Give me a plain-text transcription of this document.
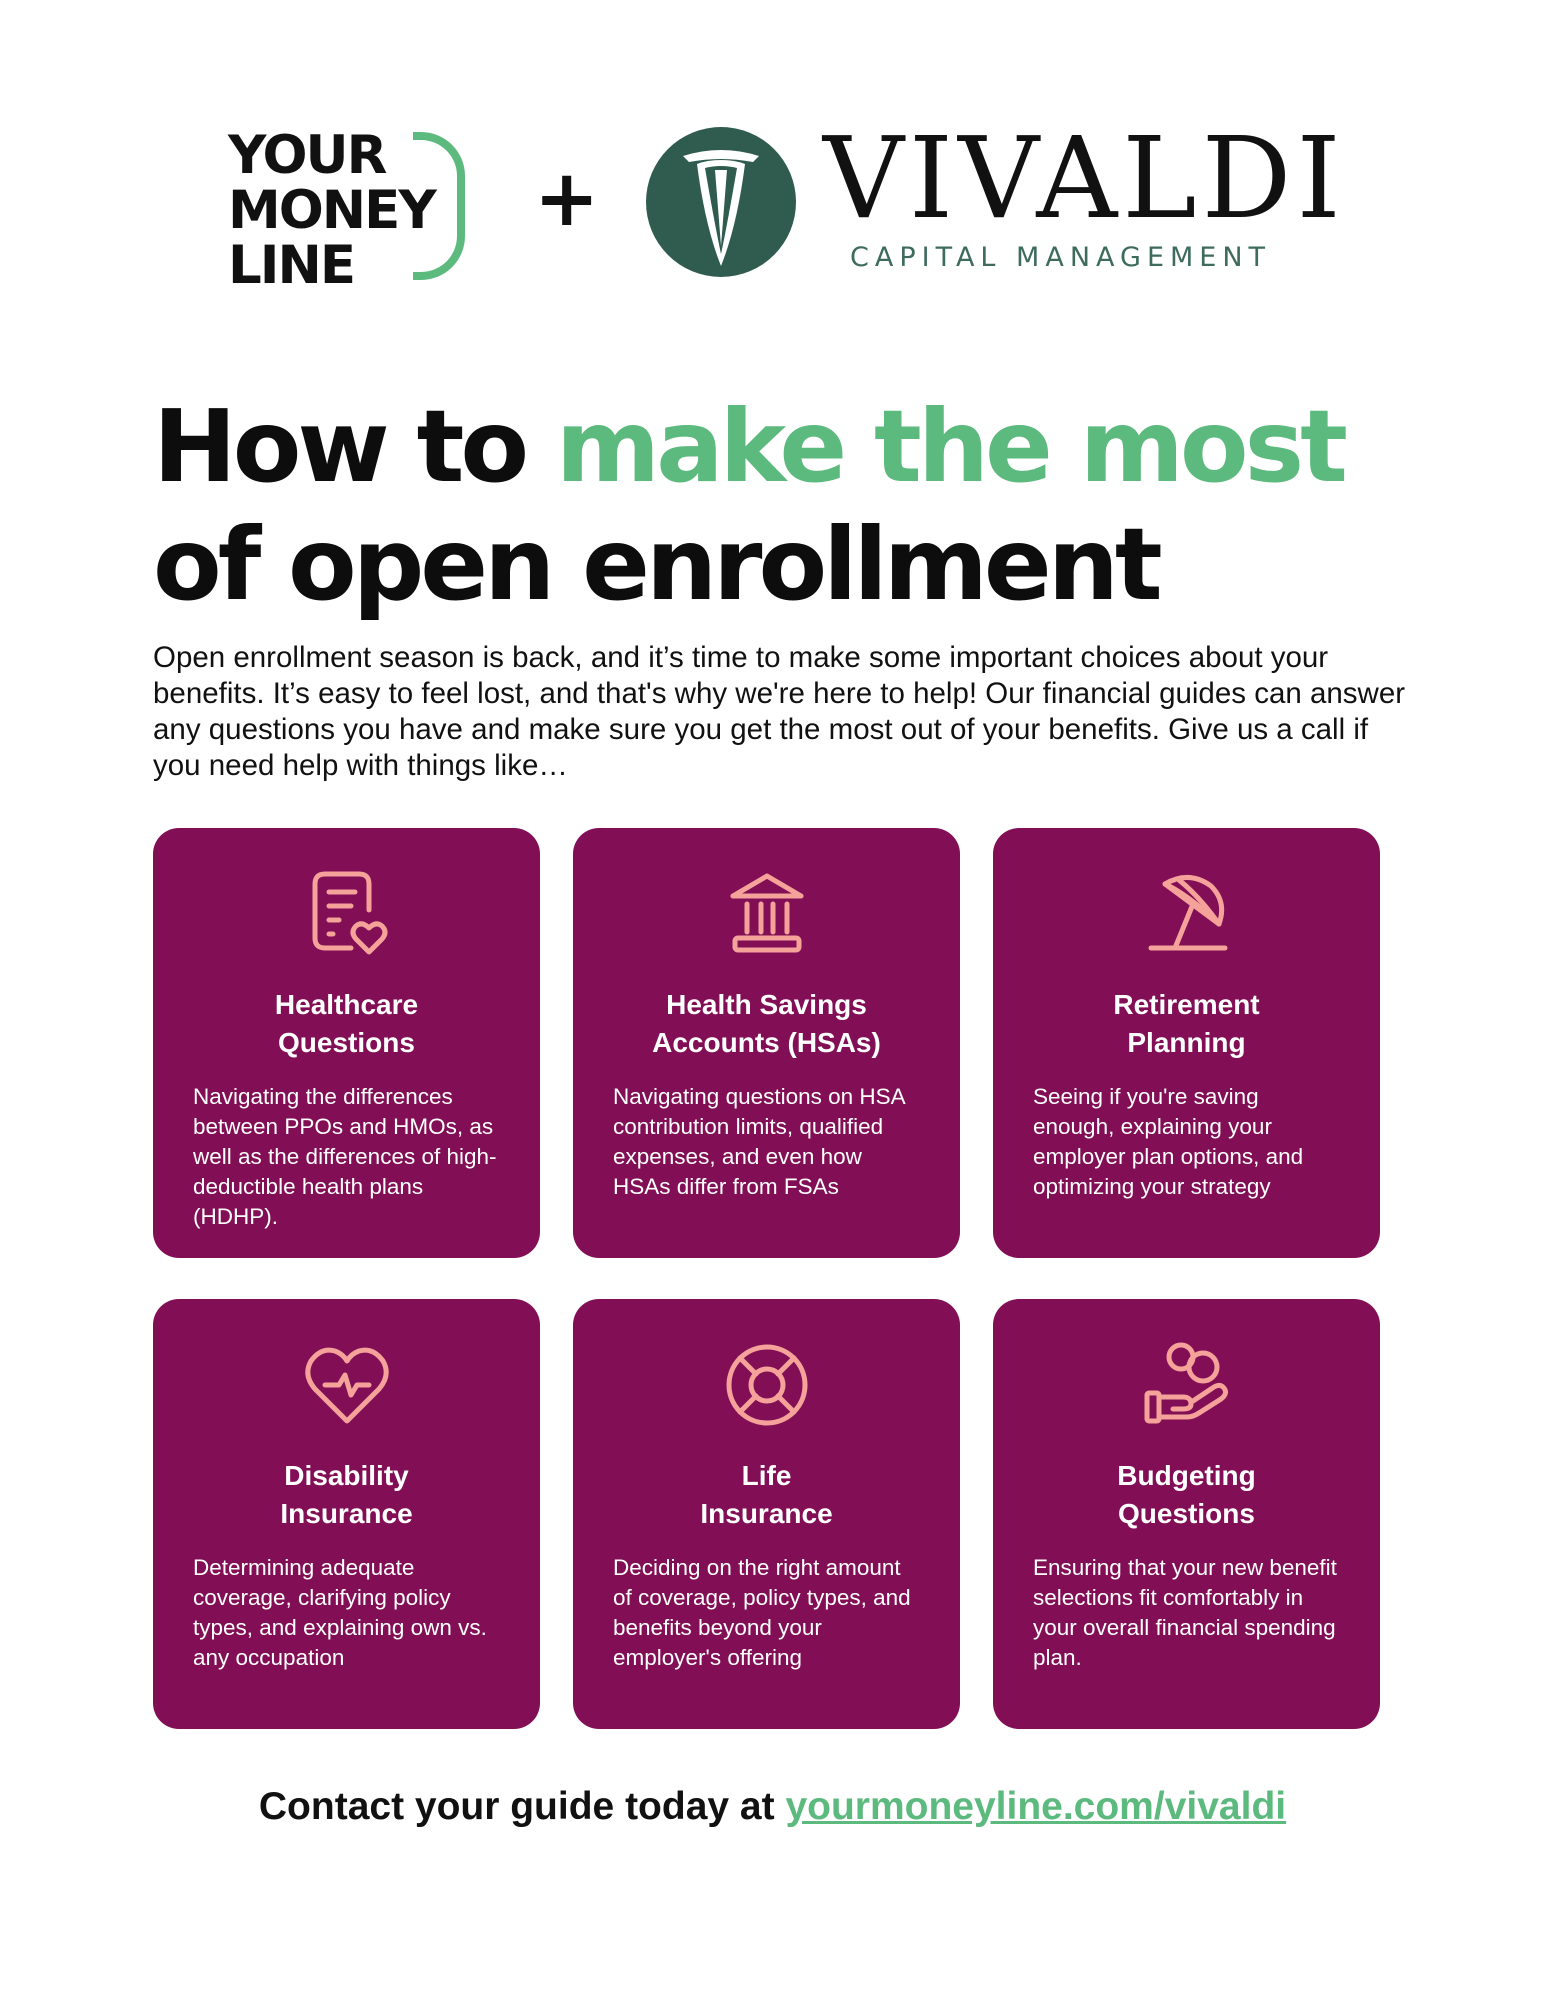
YOUR
MONEY
LINE
+ VIVALDI
CAPITAL MANAGEMENT
How to make the most
of open enrollment

Open enrollment season is back, and it’s time to make some important choices about your benefits. It’s easy to feel lost, and that's why we're here to help! Our financial guides can answer any questions you have and make sure you get the most out of your benefits. Give us a call if you need help with things like…

Healthcare
Questions

Navigating the differences between PPOs and HMOs, as well as the differences of high-deductible health plans (HDHP).

Health Savings
Accounts (HSAs)

Navigating questions on HSA contribution limits, qualified expenses, and even how HSAs differ from FSAs

Retirement
Planning

Seeing if you're saving enough, explaining your employer plan options, and optimizing your strategy

Disability
Insurance

Determining adequate coverage, clarifying policy types, and explaining own vs. any occupation

Life
Insurance

Deciding on the right amount of coverage, policy types, and benefits beyond your employer's offering

Budgeting
Questions

Ensuring that your new benefit selections fit comfortably in your overall financial spending plan.

Contact your guide today at yourmoneyline.com/vivaldi
